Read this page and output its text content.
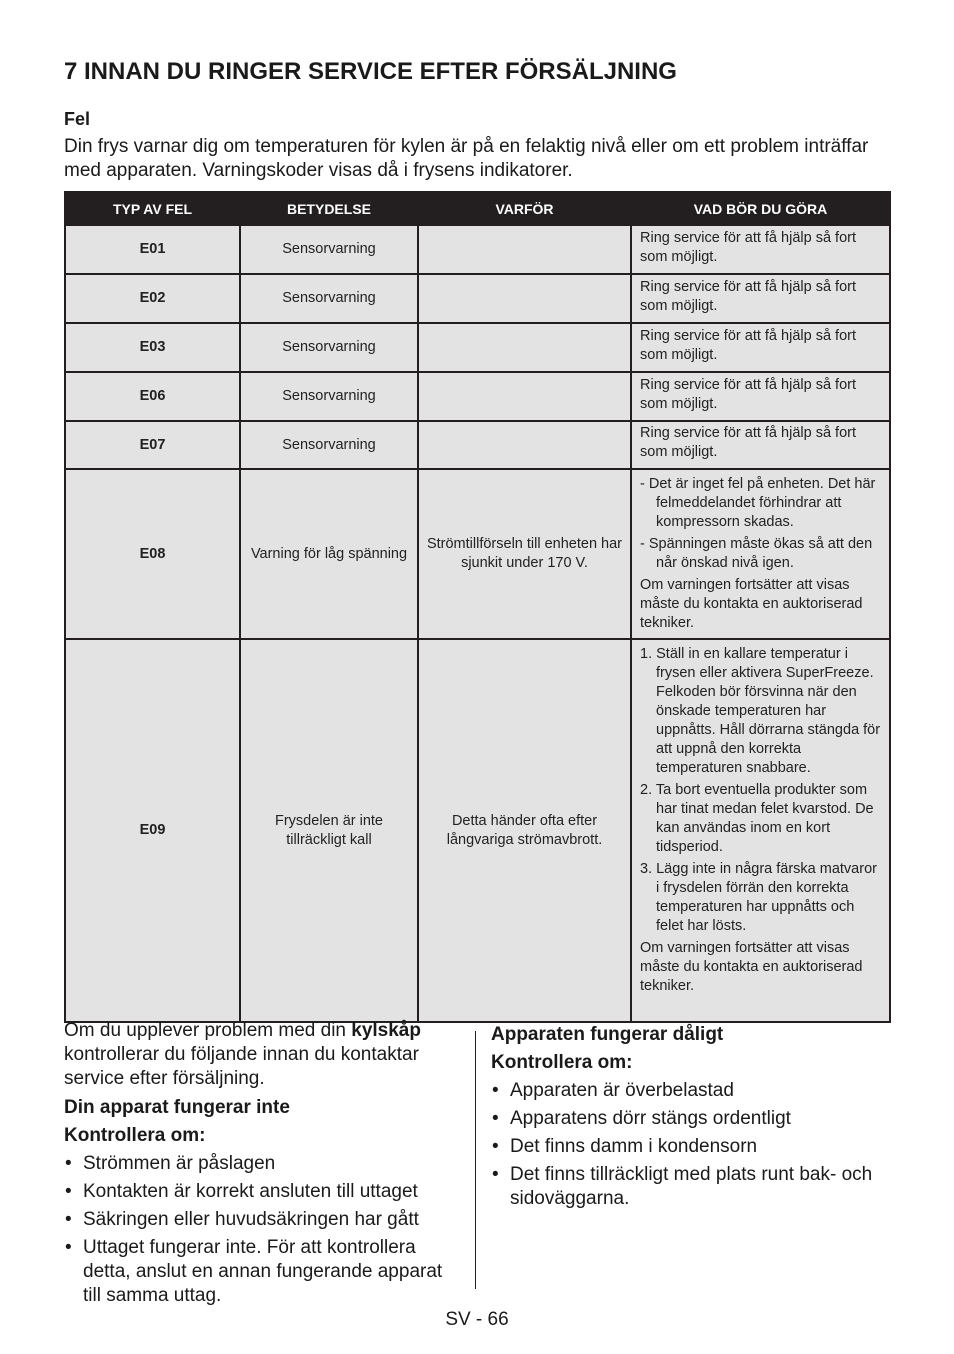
7 INNAN DU RINGER SERVICE EFTER FÖRSÄLJNING
Fel
Din frys varnar dig om temperaturen för kylen är på en felaktig nivå eller om ett problem inträffar med apparaten. Varningskoder visas då i frysens indikatorer.
TYP AV FEL	BETYDELSE	VARFÖR	VAD BÖR DU GÖRA
E01	Sensorvarning		Ring service för att få hjälp så fort som möjligt.

E02	Sensorvarning		Ring service för att få hjälp så fort som möjligt.

E03	Sensorvarning		Ring service för att få hjälp så fort som möjligt.

E06	Sensorvarning		Ring service för att få hjälp så fort som möjligt.

E07	Sensorvarning		Ring service för att få hjälp så fort som möjligt.

E08	Varning för låg spänning	Strömtillförseln till enheten har sjunkit under 170 V.	- Det är inget fel på enheten. Det här felmeddelandet förhindrar att kompressorn skadas.
- Spänningen måste ökas så att den når önskad nivå igen.
Om varningen fortsätter att visas måste du kontakta en auktoriserad tekniker.

E09	Frysdelen är inte tillräckligt kall	Detta händer ofta efter långvariga strömavbrott.	1. Ställ in en kallare temperatur i frysen eller aktivera SuperFreeze. Felkoden bör försvinna när den önskade temperaturen har uppnåtts. Håll dörrarna stängda för att uppnå den korrekta temperaturen snabbare.
2. Ta bort eventuella produkter som har tinat medan felet kvarstod. De kan användas inom en kort tidsperiod.
3. Lägg inte in några färska matvaror i frysdelen förrän den korrekta temperaturen har uppnåtts och felet har lösts.
Om varningen fortsätter att visas måste du kontakta en auktoriserad tekniker.

Om du upplever problem med din kylskåp kontrollerar du följande innan du kontaktar service efter försäljning.

Din apparat fungerar inte

Kontrollera om:

• Strömmen är påslagen
• Kontakten är korrekt ansluten till uttaget
• Säkringen eller huvudsäkringen har gått
• Uttaget fungerar inte. För att kontrollera detta, anslut en annan fungerande apparat till samma uttag.

Apparaten fungerar dåligt

Kontrollera om:

• Apparaten är överbelastad
• Apparatens dörr stängs ordentligt
• Det finns damm i kondensorn
• Det finns tillräckligt med plats runt bak- och sidoväggarna.
SV - 66
